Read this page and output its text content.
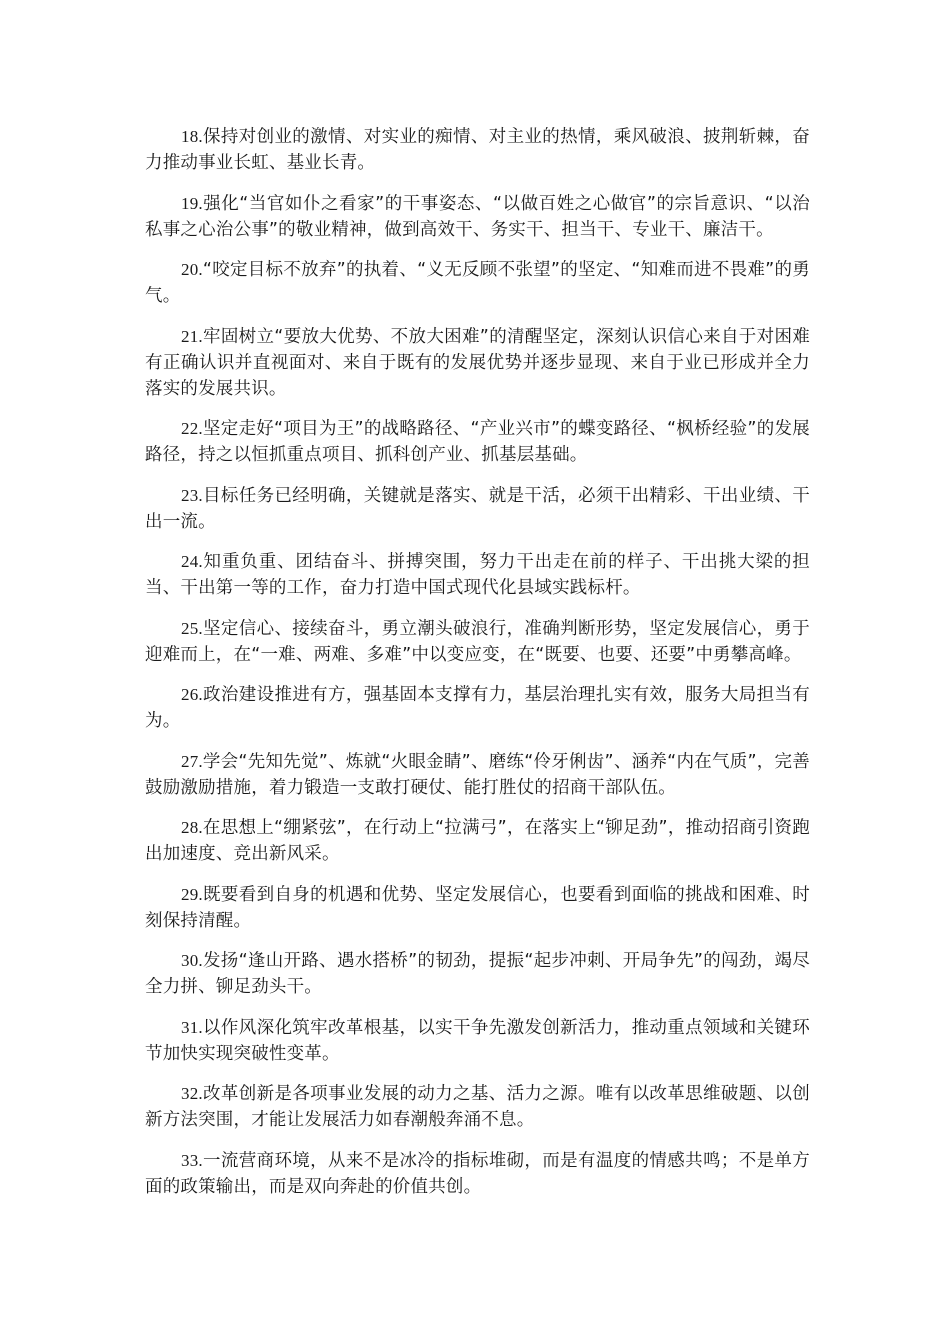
18.保持对创业的激情、对实业的痴情、对主业的热情，乘风破浪、披荆斩棘，奋力推动事业长虹、基业长青。

19.强化“当官如仆之看家”的干事姿态、“以做百姓之心做官”的宗旨意识、“以治私事之心治公事”的敬业精神，做到高效干、务实干、担当干、专业干、廉洁干。

20.“咬定目标不放弃”的执着、“义无反顾不张望”的坚定、“知难而进不畏难”的勇气。

21.牢固树立“要放大优势、不放大困难”的清醒坚定，深刻认识信心来自于对困难有正确认识并直视面对、来自于既有的发展优势并逐步显现、来自于业已形成并全力落实的发展共识。

22.坚定走好“项目为王”的战略路径、“产业兴市”的蝶变路径、“枫桥经验”的发展路径，持之以恒抓重点项目、抓科创产业、抓基层基础。

23.目标任务已经明确，关键就是落实、就是干活，必须干出精彩、干出业绩、干出一流。

24.知重负重、团结奋斗、拼搏突围，努力干出走在前的样子、干出挑大梁的担当、干出第一等的工作，奋力打造中国式现代化县域实践标杆。

25.坚定信心、接续奋斗，勇立潮头破浪行，准确判断形势，坚定发展信心，勇于迎难而上，在“一难、两难、多难”中以变应变，在“既要、也要、还要”中勇攀高峰。

26.政治建设推进有方，强基固本支撑有力，基层治理扎实有效，服务大局担当有为。

27.学会“先知先觉”、炼就“火眼金睛”、磨练“伶牙俐齿”、涵养“内在气质”，完善鼓励激励措施，着力锻造一支敢打硬仗、能打胜仗的招商干部队伍。

28.在思想上“绷紧弦”，在行动上“拉满弓”，在落实上“铆足劲”，推动招商引资跑出加速度、竞出新风采。

29.既要看到自身的机遇和优势、坚定发展信心，也要看到面临的挑战和困难、时刻保持清醒。

30.发扬“逢山开路、遇水搭桥”的韧劲，提振“起步冲刺、开局争先”的闯劲，竭尽全力拼、铆足劲头干。

31.以作风深化筑牢改革根基，以实干争先激发创新活力，推动重点领域和关键环节加快实现突破性变革。

32.改革创新是各项事业发展的动力之基、活力之源。唯有以改革思维破题、以创新方法突围，才能让发展活力如春潮般奔涌不息。

33.一流营商环境，从来不是冰冷的指标堆砌，而是有温度的情感共鸣；不是单方面的政策输出，而是双向奔赴的价值共创。
